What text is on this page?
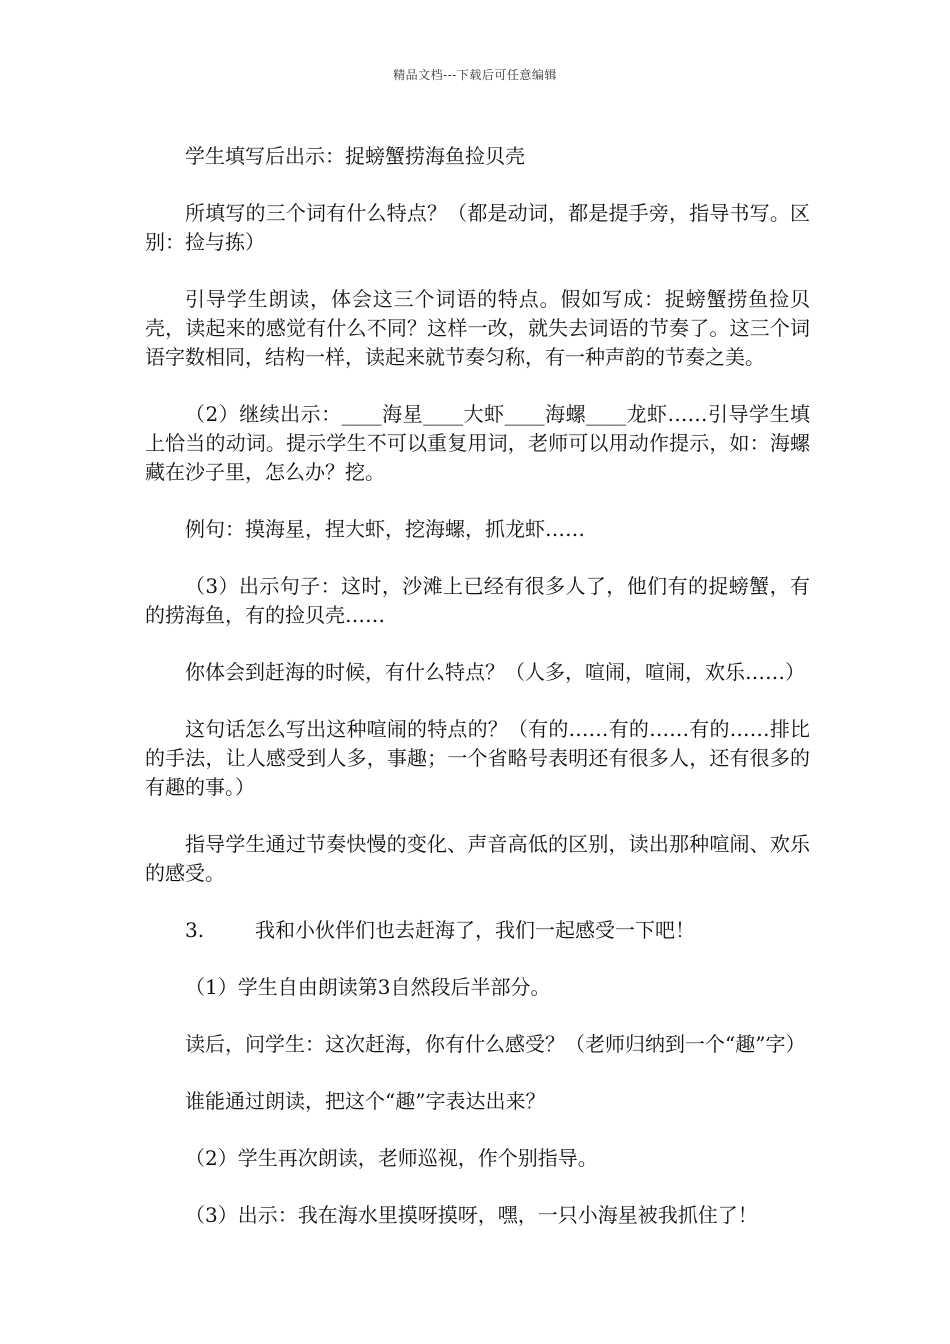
精品文档---下载后可任意编辑

学生填写后出示：捉螃蟹捞海鱼捡贝壳

所填写的三个词有什么特点？（都是动词，都是提手旁，指导书写。区别：捡与拣）

引导学生朗读，体会这三个词语的特点。假如写成：捉螃蟹捞鱼捡贝壳，读起来的感觉有什么不同？这样一改，就失去词语的节奏了。这三个词语字数相同，结构一样，读起来就节奏匀称，有一种声韵的节奏之美。

（2）继续出示：____海星____大虾____海螺____龙虾……引导学生填上恰当的动词。提示学生不可以重复用词，老师可以用动作提示，如：海螺藏在沙子里，怎么办？挖。

例句：摸海星，捏大虾，挖海螺，抓龙虾……

（3）出示句子：这时，沙滩上已经有很多人了，他们有的捉螃蟹，有的捞海鱼，有的捡贝壳……

你体会到赶海的时候，有什么特点？（人多，喧闹，喧闹，欢乐……）

这句话怎么写出这种喧闹的特点的？（有的……有的……有的……排比的手法，让人感受到人多，事趣；一个省略号表明还有很多人，还有很多的有趣的事。）

指导学生通过节奏快慢的变化、声音高低的区别，读出那种喧闹、欢乐的感受。

3.        我和小伙伴们也去赶海了，我们一起感受一下吧！

（1）学生自由朗读第3自然段后半部分。

读后，问学生：这次赶海，你有什么感受？（老师归纳到一个“趣”字）

谁能通过朗读，把这个“趣”字表达出来？

（2）学生再次朗读，老师巡视，作个别指导。

（3）出示：我在海水里摸呀摸呀，嘿，一只小海星被我抓住了！
